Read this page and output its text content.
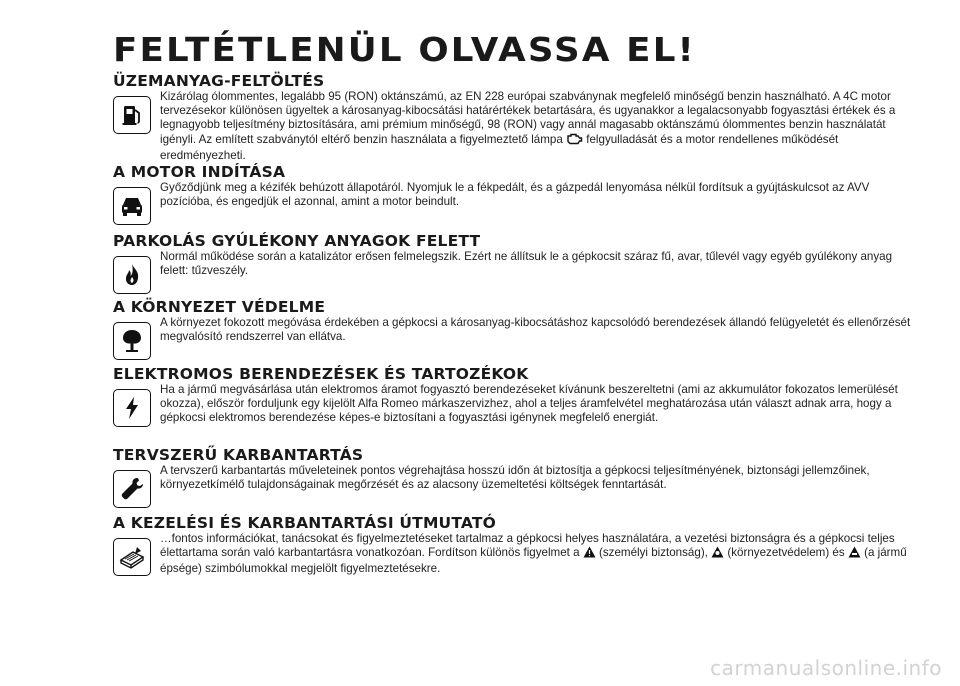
FELTÉTLENÜL OLVASSA EL!
ÜZEMANYAG-FELTÖLTÉS
Kizárólag ólommentes, legalább 95 (RON) oktánszámú, az EN 228 európai szabványnak megfelelő minőségű benzin használható. A 4C motor tervezésekor különösen ügyeltek a károsanyag-kibocsátási határértékek betartására, és ugyanakkor a legalacsonyabb fogyasztási értékek és a legnagyobb teljesítmény biztosítására, ami prémium minőségű, 98 (RON) vagy annál magasabb oktánszámú ólommentes benzin használatát igényli. Az említett szabványtól eltérő benzin használata a figyelmeztető lámpa felgyulladását és a motor rendellenes működését eredményezheti.
A MOTOR INDÍTÁSA
Győződjünk meg a kézifék behúzott állapotáról. Nyomjuk le a fékpedált, és a gázpedál lenyomása nélkül fordítsuk a gyújtáskulcsot az AVV pozícióba, és engedjük el azonnal, amint a motor beindult.
PARKOLÁS GYÚLÉKONY ANYAGOK FELETT
Normál működése során a katalizátor erősen felmelegszik. Ezért ne állítsuk le a gépkocsit száraz fű, avar, tűlevél vagy egyéb gyúlékony anyag felett: tűzveszély.
A KÖRNYEZET VÉDELME
A környezet fokozott megóvása érdekében a gépkocsi a károsanyag-kibocsátáshoz kapcsolódó berendezések állandó felügyeletét és ellenőrzését megvalósító rendszerrel van ellátva.
ELEKTROMOS BERENDEZÉSEK ÉS TARTOZÉKOK
Ha a jármű megvásárlása után elektromos áramot fogyasztó berendezéseket kívánunk beszereltetni (ami az akkumulátor fokozatos lemerülését okozza), először forduljunk egy kijelölt Alfa Romeo márkaszervizhez, ahol a teljes áramfelvétel meghatározása után választ adnak arra, hogy a gépkocsi elektromos berendezése képes-e biztosítani a fogyasztási igénynek megfelelő energiát.
TERVSZERŰ KARBANTARTÁS
A tervszerű karbantartás műveleteinek pontos végrehajtása hosszú időn át biztosítja a gépkocsi teljesítményének, biztonsági jellemzőinek, környezetkímélő tulajdonságainak megőrzését és az alacsony üzemeltetési költségek fenntartását.
A KEZELÉSI ÉS KARBANTARTÁSI ÚTMUTATÓ
…fontos információkat, tanácsokat és figyelmeztetéseket tartalmaz a gépkocsi helyes használatára, a vezetési biztonságra és a gépkocsi teljes élettartama során való karbantartásra vonatkozóan. Fordítson különös figyelmet a (személyi biztonság), (környezetvédelem) és (a jármű épsége) szimbólumokkal megjelölt figyelmeztetésekre.
carmanualsonline.info
